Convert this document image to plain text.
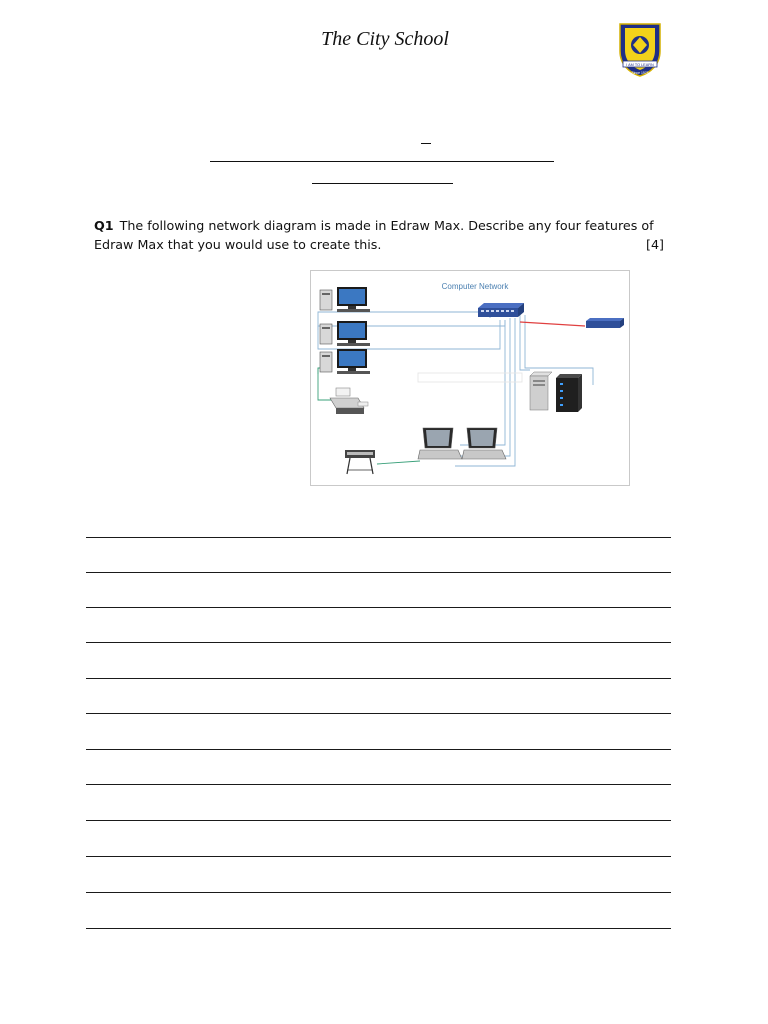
The City School
I AM TO LEARN
Since 1978
Q1 The following network diagram is made in Edraw Max. Describe any four features of
Edraw Max that you would use to create this.	[4]
Computer Network
